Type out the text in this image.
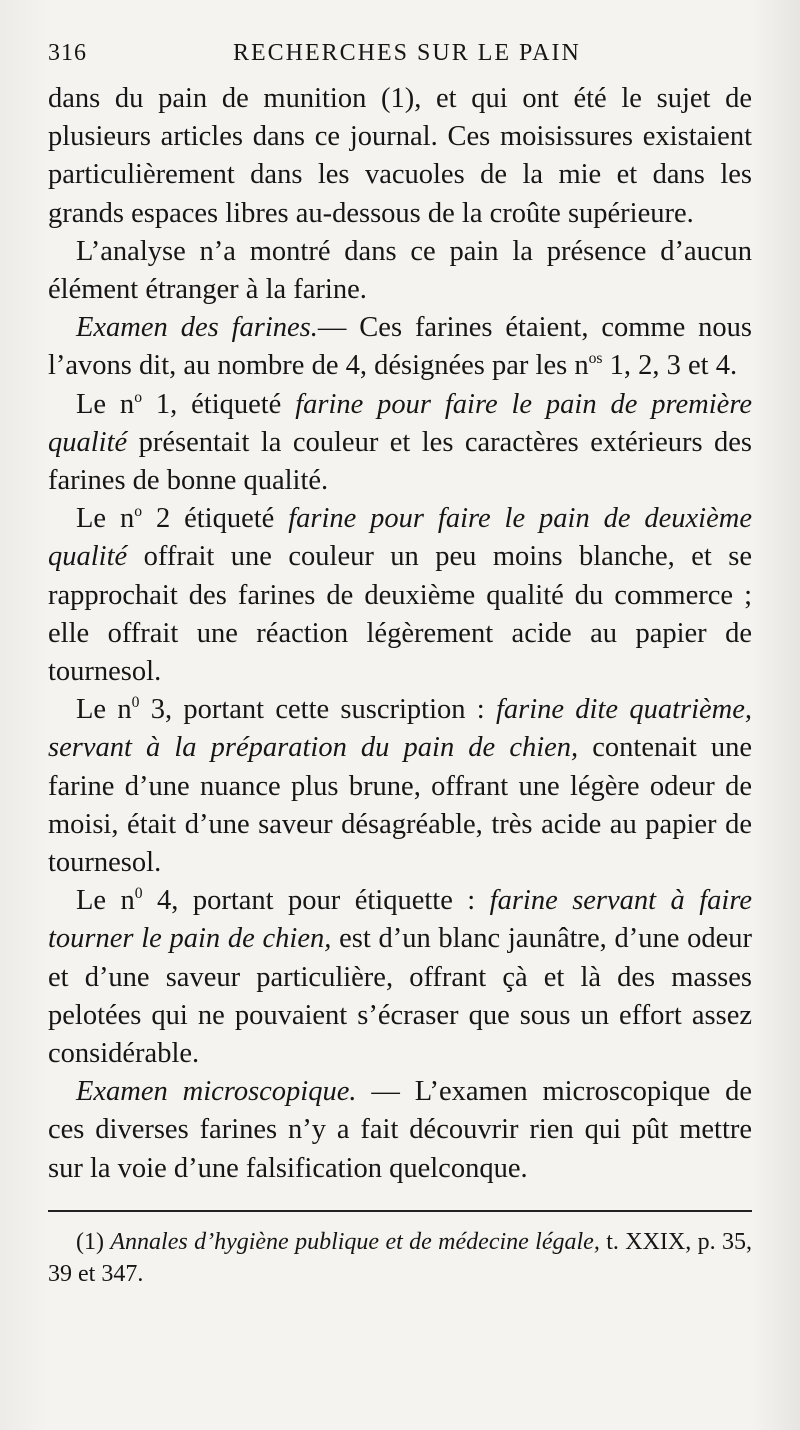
316	RECHERCHES SUR LE PAIN

dans du pain de munition (1), et qui ont été le sujet de plusieurs articles dans ce journal. Ces moisissures existaient particulièrement dans les vacuoles de la mie et dans les grands espaces libres au-dessous de la croûte supérieure.

L’analyse n’a montré dans ce pain la présence d’aucun élément étranger à la farine.

Examen des farines.— Ces farines étaient, comme nous l’avons dit, au nombre de 4, désignées par les $n^{os}$ 1, 2, 3 et 4.

Le $n^o$ 1, étiqueté farine pour faire le pain de première qualité présentait la couleur et les caractères extérieurs des farines de bonne qualité.

Le $n^o$ 2 étiqueté farine pour faire le pain de deuxième qualité offrait une couleur un peu moins blanche, et se rapprochait des farines de deuxième qualité du commerce ; elle offrait une réaction légèrement acide au papier de tournesol.

Le $n^0$ 3, portant cette suscription : farine dite quatrième, servant à la préparation du pain de chien, contenait une farine d’une nuance plus brune, offrant une légère odeur de moisi, était d’une saveur désagréable, très acide au papier de tournesol.

Le $n^0$ 4, portant pour étiquette : farine servant à faire tourner le pain de chien, est d’un blanc jaunâtre, d’une odeur et d’une saveur particulière, offrant çà et là des masses pelotées qui ne pouvaient s’écraser que sous un effort assez considérable.

Examen microscopique. — L’examen microscopique de ces diverses farines n’y a fait découvrir rien qui pût mettre sur la voie d’une falsification quelconque.

(1) Annales d’hygiène publique et de médecine légale, t. XXIX, p. 35, 39 et 347.
